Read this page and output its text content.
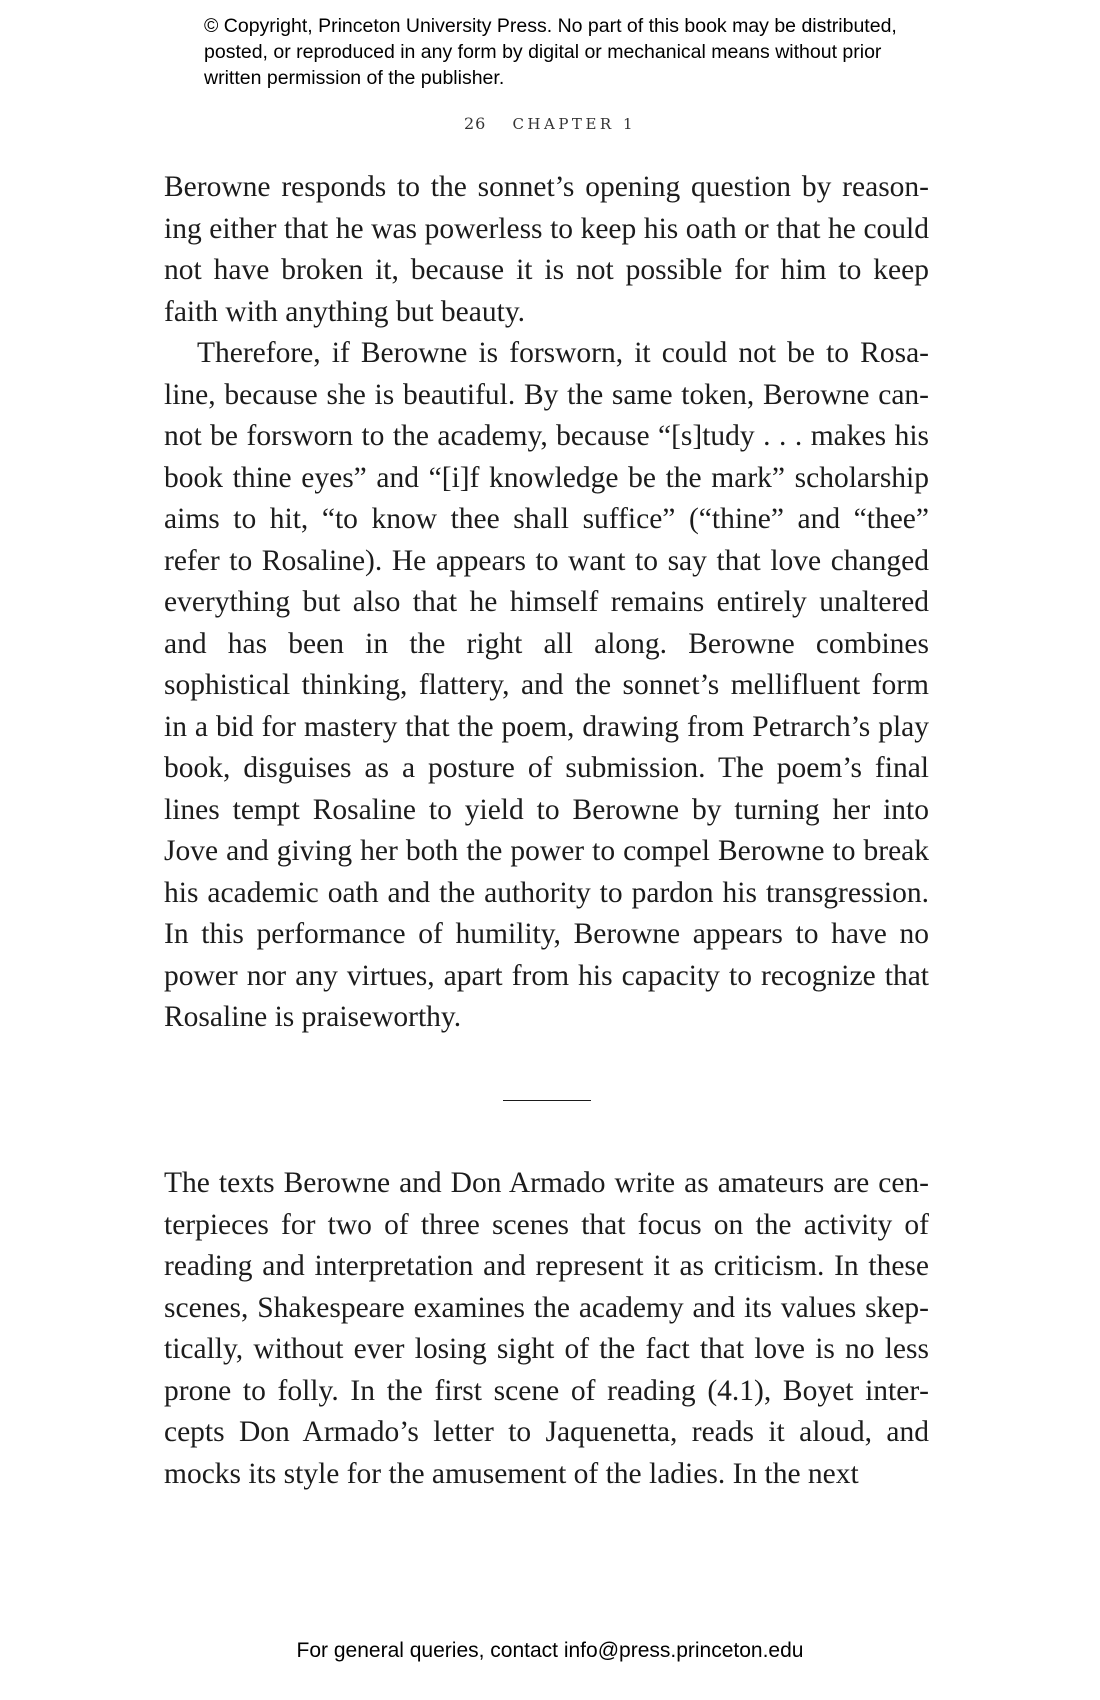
© Copyright, Princeton University Press. No part of this book may be distributed, posted, or reproduced in any form by digital or mechanical means without prior written permission of the publisher.

26 CHAPTER 1

Berowne responds to the sonnet’s opening question by reasoning either that he was powerless to keep his oath or that he could not have broken it, because it is not possible for him to keep faith with anything but beauty.

Therefore, if Berowne is forsworn, it could not be to Rosaline, because she is beautiful. By the same token, Berowne cannot be forsworn to the academy, because “[s]tudy . . . makes his book thine eyes” and “[i]f knowledge be the mark” scholarship aims to hit, “to know thee shall suffice” (“thine” and “thee” refer to Rosaline). He appears to want to say that love changed everything but also that he himself remains entirely unaltered and has been in the right all along. Berowne combines sophistical thinking, flattery, and the sonnet’s mellifluent form in a bid for mastery that the poem, drawing from Petrarch’s play book, disguises as a posture of submission. The poem’s final lines tempt Rosaline to yield to Berowne by turning her into Jove and giving her both the power to compel Berowne to break his academic oath and the authority to pardon his transgression. In this performance of humility, Berowne appears to have no power nor any virtues, apart from his capacity to recognize that Rosaline is praiseworthy.

The texts Berowne and Don Armado write as amateurs are centerpieces for two of three scenes that focus on the activity of reading and interpretation and represent it as criticism. In these scenes, Shakespeare examines the academy and its values skeptically, without ever losing sight of the fact that love is no less prone to folly. In the first scene of reading (4.1), Boyet intercepts Don Armado’s letter to Jaquenetta, reads it aloud, and mocks its style for the amusement of the ladies. In the next

For general queries, contact info@press.princeton.edu
